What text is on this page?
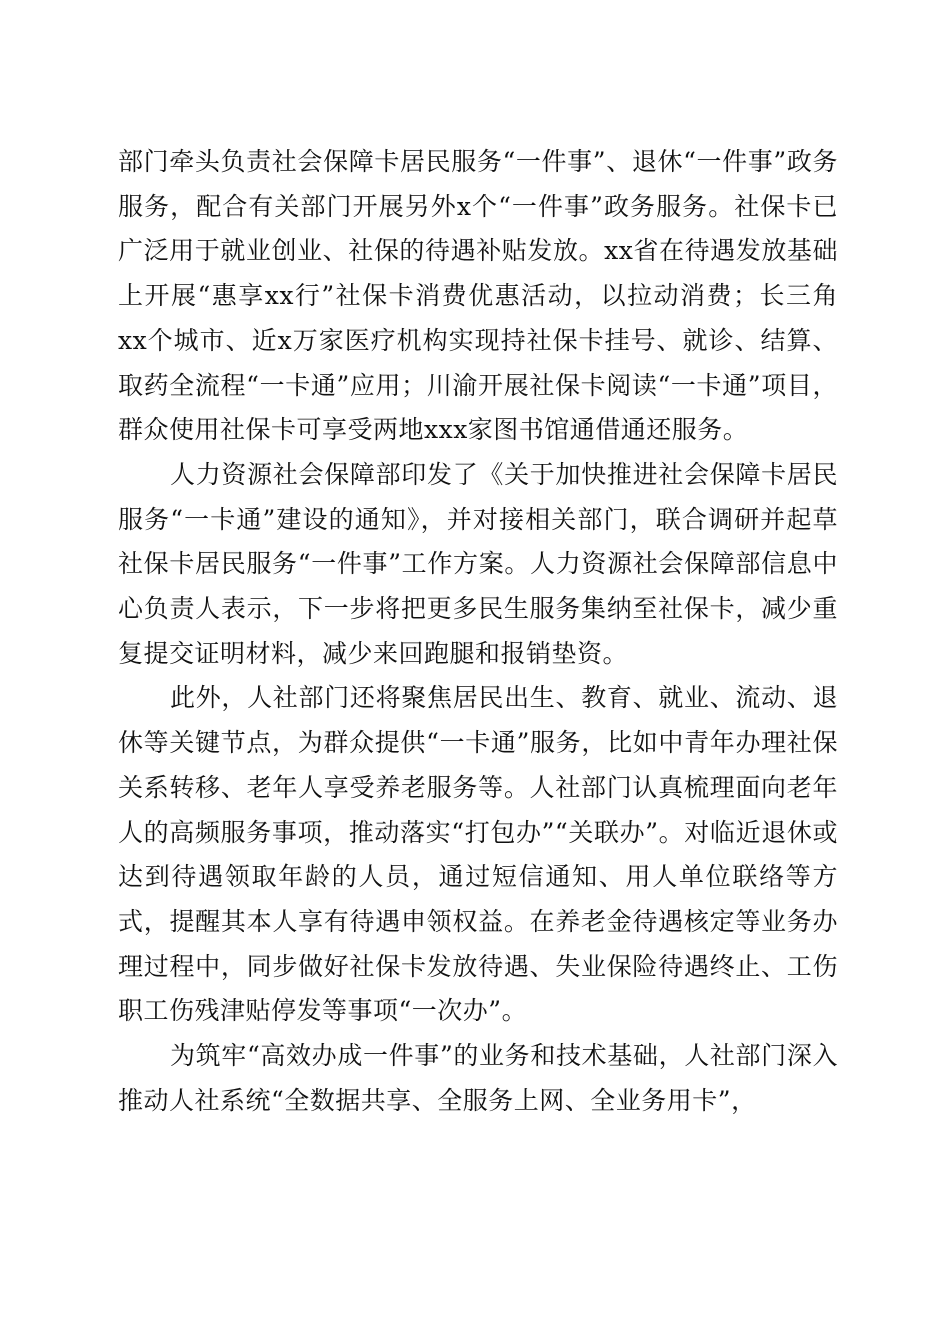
部门牵头负责社会保障卡居民服务“一件事”、退休“一件事”政务服务，配合有关部门开展另外x个“一件事”政务服务。社保卡已广泛用于就业创业、社保的待遇补贴发放。xx省在待遇发放基础上开展“惠享xx行”社保卡消费优惠活动，以拉动消费；长三角xx个城市、近x万家医疗机构实现持社保卡挂号、就诊、结算、取药全流程“一卡通”应用；川渝开展社保卡阅读“一卡通”项目，群众使用社保卡可享受两地xxx家图书馆通借通还服务。

人力资源社会保障部印发了《关于加快推进社会保障卡居民服务“一卡通”建设的通知》，并对接相关部门，联合调研并起草社保卡居民服务“一件事”工作方案。人力资源社会保障部信息中心负责人表示，下一步将把更多民生服务集纳至社保卡，减少重复提交证明材料，减少来回跑腿和报销垫资。

此外，人社部门还将聚焦居民出生、教育、就业、流动、退休等关键节点，为群众提供“一卡通”服务，比如中青年办理社保关系转移、老年人享受养老服务等。人社部门认真梳理面向老年人的高频服务事项，推动落实“打包办”“关联办”。对临近退休或达到待遇领取年龄的人员，通过短信通知、用人单位联络等方式，提醒其本人享有待遇申领权益。在养老金待遇核定等业务办理过程中，同步做好社保卡发放待遇、失业保险待遇终止、工伤职工伤残津贴停发等事项“一次办”。

为筑牢“高效办成一件事”的业务和技术基础，人社部门深入推动人社系统“全数据共享、全服务上网、全业务用卡”，
